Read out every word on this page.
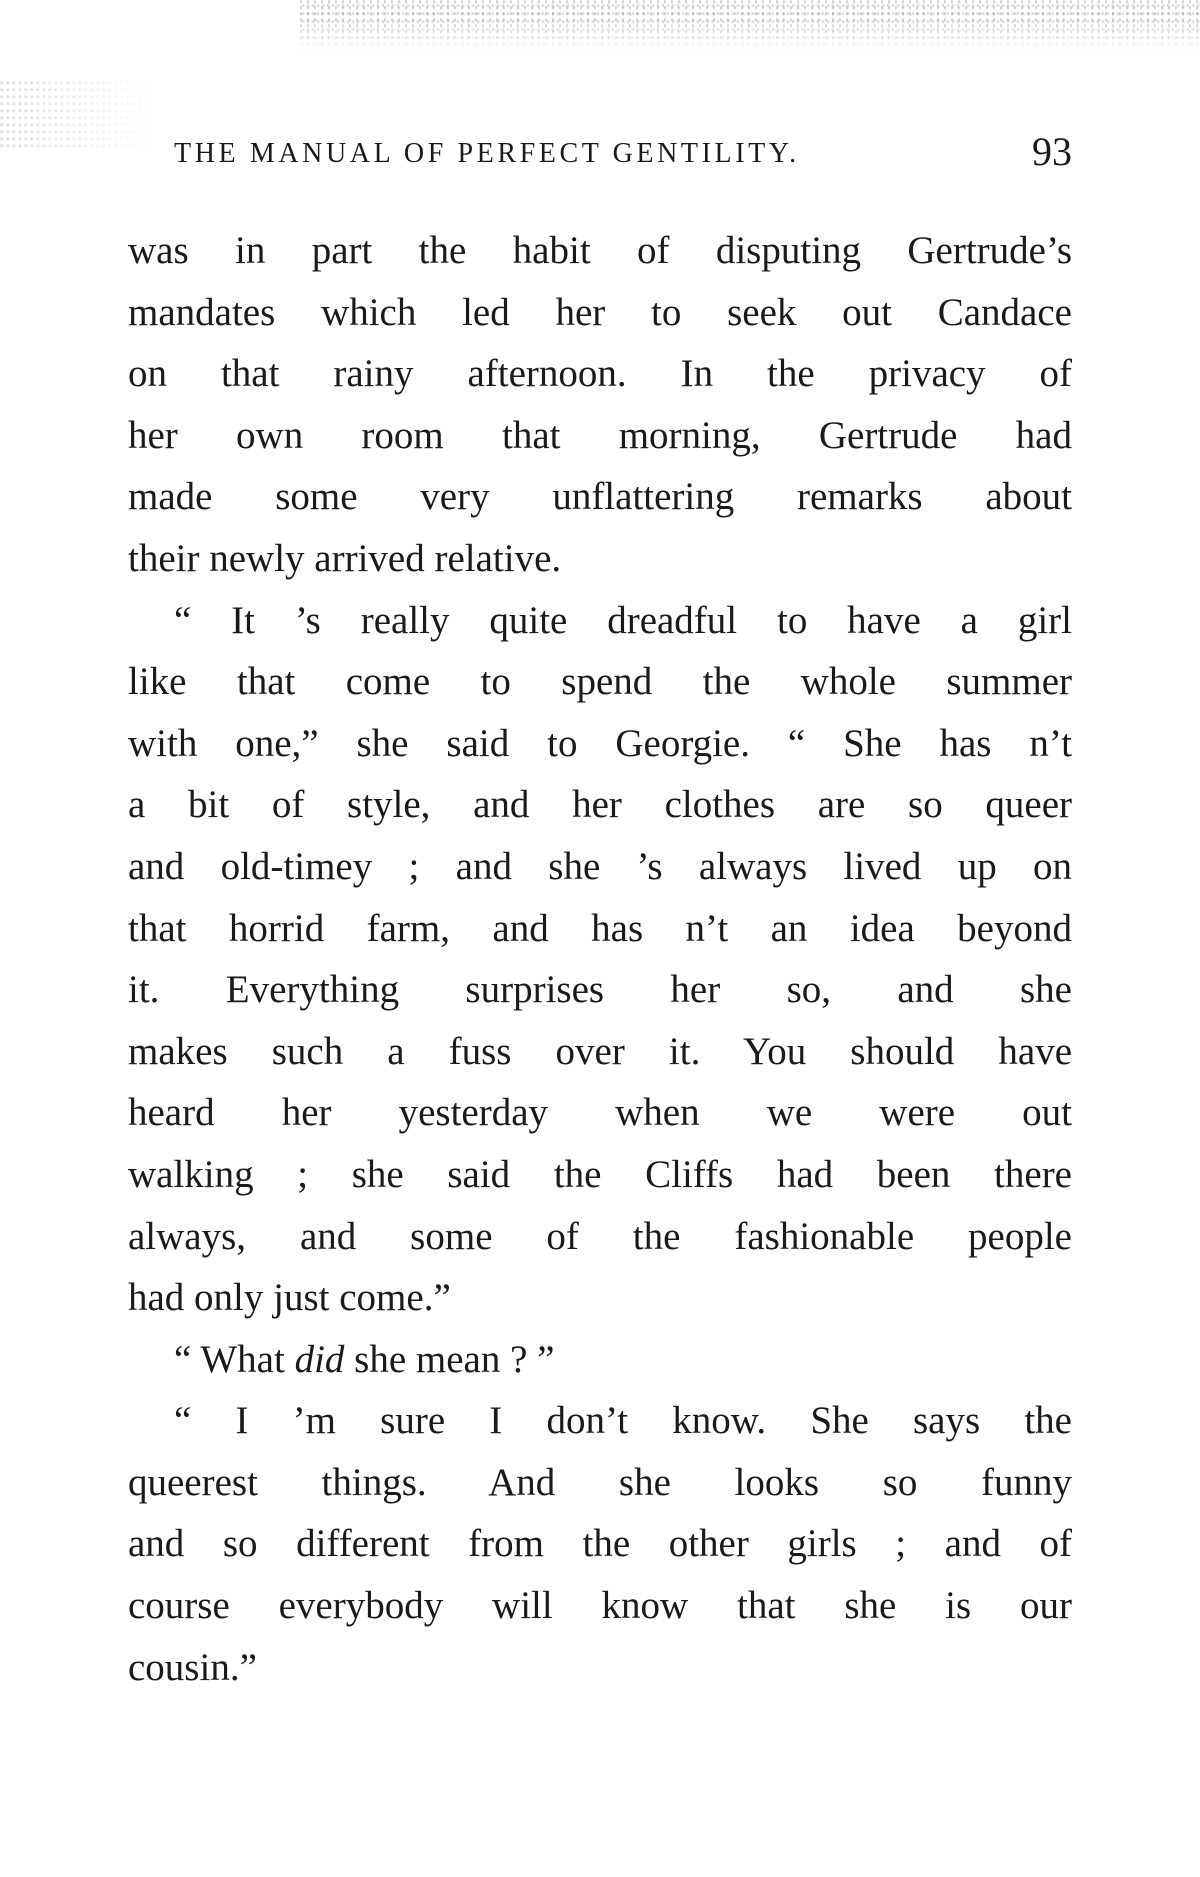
THE MANUAL OF PERFECT GENTILITY.	93
was in part the habit of disputing Gertrude’s
mandates which led her to seek out Candace
on that rainy afternoon. In the privacy of
her own room that morning, Gertrude had
made some very unflattering remarks about
their newly arrived relative.
“ It ’s really quite dreadful to have a girl
like that come to spend the whole summer
with one,” she said to Georgie. “ She has n’t
a bit of style, and her clothes are so queer
and old-timey ; and she ’s always lived up on
that horrid farm, and has n’t an idea beyond
it. Everything surprises her so, and she
makes such a fuss over it. You should have
heard her yesterday when we were out
walking ; she said the Cliffs had been there
always, and some of the fashionable people
had only just come.”
“ What did she mean ? ”
“ I ’m sure I don’t know. She says the
queerest things. And she looks so funny
and so different from the other girls ; and of
course everybody will know that she is our
cousin.”
